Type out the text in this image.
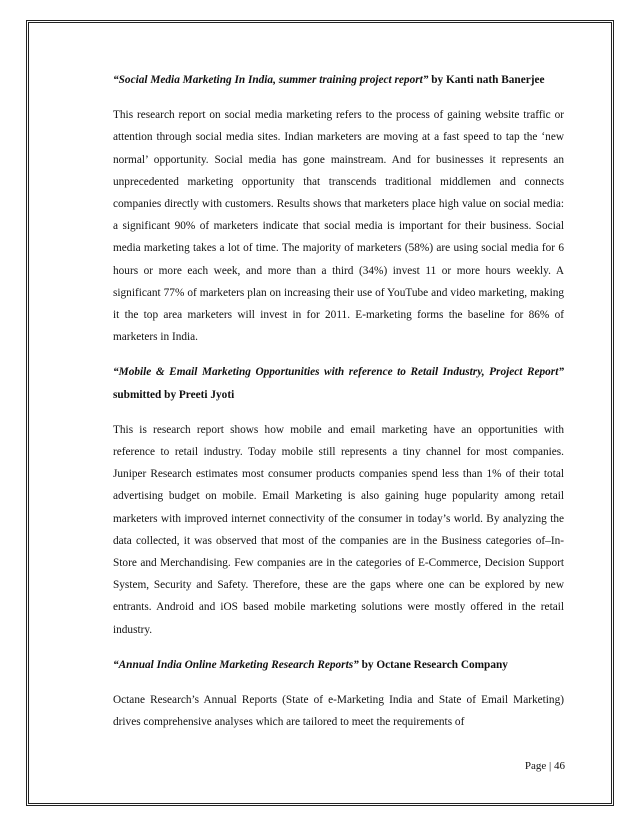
“Social Media Marketing In India, summer training project report” by Kanti nath Banerjee
This research report on social media marketing refers to the process of gaining website traffic or attention through social media sites. Indian marketers are moving at a fast speed to tap the ‘new normal’ opportunity. Social media has gone mainstream. And for businesses it represents an unprecedented marketing opportunity that transcends traditional middlemen and connects companies directly with customers. Results shows that marketers place high value on social media: a significant 90% of marketers indicate that social media is important for their business. Social media marketing takes a lot of time. The majority of marketers (58%) are using social media for 6 hours or more each week, and more than a third (34%) invest 11 or more hours weekly. A significant 77% of marketers plan on increasing their use of YouTube and video marketing, making it the top area marketers will invest in for 2011. E-marketing forms the baseline for 86% of marketers in India.
“Mobile & Email Marketing Opportunities with reference to Retail Industry, Project Report” submitted by Preeti Jyoti
This is research report shows how mobile and email marketing have an opportunities with reference to retail industry. Today mobile still represents a tiny channel for most companies. Juniper Research estimates most consumer products companies spend less than 1% of their total advertising budget on mobile. Email Marketing is also gaining huge popularity among retail marketers with improved internet connectivity of the consumer in today’s world. By analyzing the data collected, it was observed that most of the companies are in the Business categories of–In-Store and Merchandising. Few companies are in the categories of E-Commerce, Decision Support System, Security and Safety. Therefore, these are the gaps where one can be explored by new entrants. Android and iOS based mobile marketing solutions were mostly offered in the retail industry.
“Annual India Online Marketing Research Reports” by Octane Research Company
Octane Research’s Annual Reports (State of e-Marketing India and State of Email Marketing) drives comprehensive analyses which are tailored to meet the requirements of
Page | 46
